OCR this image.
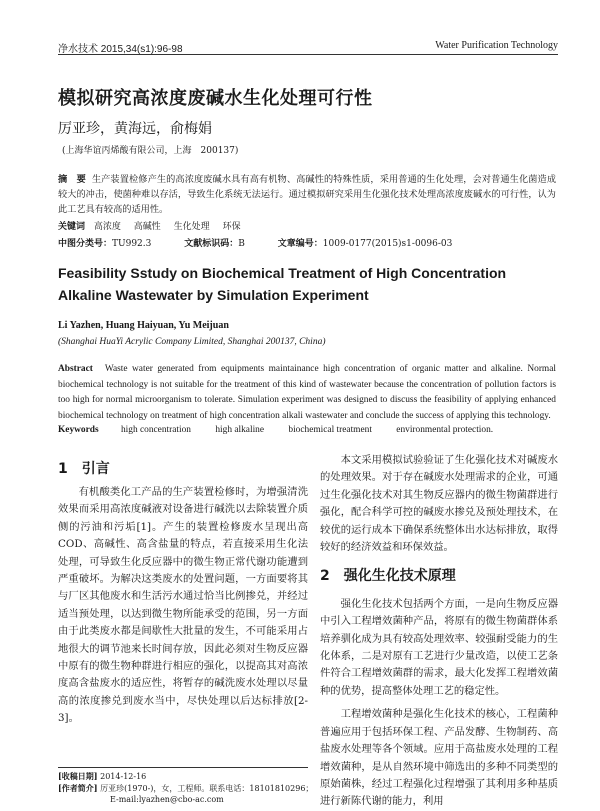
净水技术 2015,34(s1):96-98	Water Purification Technology
模拟研究高浓度废碱水生化处理可行性
厉亚珍，黄海远，俞梅娟
(上海华谊丙烯酸有限公司，上海　200137)
摘　要 生产装置检修产生的高浓度废碱水具有高有机物、高碱性的特殊性质，采用普通的生化处理，会对普通生化菌造成较大的冲击，使菌种难以存活，导致生化系统无法运行。通过模拟研究采用生化强化技术处理高浓度废碱水的可行性，认为此工艺具有较高的适用性。
关键词 高浓度 高碱性 生化处理 环保
中图分类号：TU992.3	文献标识码：B	文章编号：1009-0177(2015)s1-0096-03
Feasibility Sstudy on Biochemical Treatment of High Concentration Alkaline Wastewater by Simulation Experiment
Li Yazhen, Huang Haiyuan, Yu Meijuan
(Shanghai HuaYi Acrylic Company Limited, Shanghai 200137, China)
Abstract Waste water generated from equipments maintainance high concentration of organic matter and alkaline. Normal biochemical technology is not suitable for the treatment of this kind of wastewater because the concentration of pollution factors is too high for normal microorganism to tolerate. Simulation experiment was designed to discuss the feasibility of applying enhanced biochemical technology on treatment of high concentration alkali wastewater and conclude the success of applying this technology.
Keywords high concentration	high alkaline	biochemical treatment	environmental protection.
1 引言

有机酸类化工产品的生产装置检修时，为增强清洗效果而采用高浓度碱液对设备进行碱洗以去除装置介质侧的污油和污垢[1]。产生的装置检修废水呈现出高COD、高碱性、高含盐量的特点，若直接采用生化法处理，可导致生化反应器中的微生物正常代谢功能遭到严重破坏。为解决这类废水的处置问题，一方面要将其与厂区其他废水和生活污水通过恰当比例掺兑，并经过适当预处理，以达到微生物所能承受的范围，另一方面由于此类废水都是间歇性大批量的发生，不可能采用占地很大的调节池来长时间存放，因此必须对生物反应器中原有的微生物种群进行相应的强化，以提高其对高浓度高含盐废水的适应性，将暂存的碱洗废水处理以尽量高的浓度掺兑到废水当中，尽快处理以后达标排放[2-3]。

本文采用模拟试验验证了生化强化技术对碱废水的处理效果。对于存在碱废水处理需求的企业，可通过生化强化技术对其生物反应器内的微生物菌群进行强化，配合科学可控的碱废水掺兑及预处理技术，在较优的运行成本下确保系统整体出水达标排放，取得较好的经济效益和环保效益。

2 强化生化技术原理

强化生化技术包括两个方面，一是向生物反应器中引入工程增效菌种产品，将原有的微生物菌群体系培养驯化成为具有较高处理效率、较强耐受能力的生化体系，二是对原有工艺进行少量改造，以使工艺条件符合工程增效菌群的需求，最大化发挥工程增效菌种的优势，提高整体处理工艺的稳定性。

工程增效菌种是强化生化技术的核心，工程菌种普遍应用于包括环保工程、产品发酵、生物制药、高盐废水处理等各个领域。应用于高盐废水处理的工程增效菌种，是从自然环境中筛选出的多种不同类型的原始菌株，经过工程强化过程增强了其利用多种基质进行新陈代谢的能力，利用

[收稿日期] 2014-12-16
[作者简介] 厉亚珍(1970-)，女，工程师。联系电话：18101810296；
E-mail:lyazhen@cbo-ac.com
